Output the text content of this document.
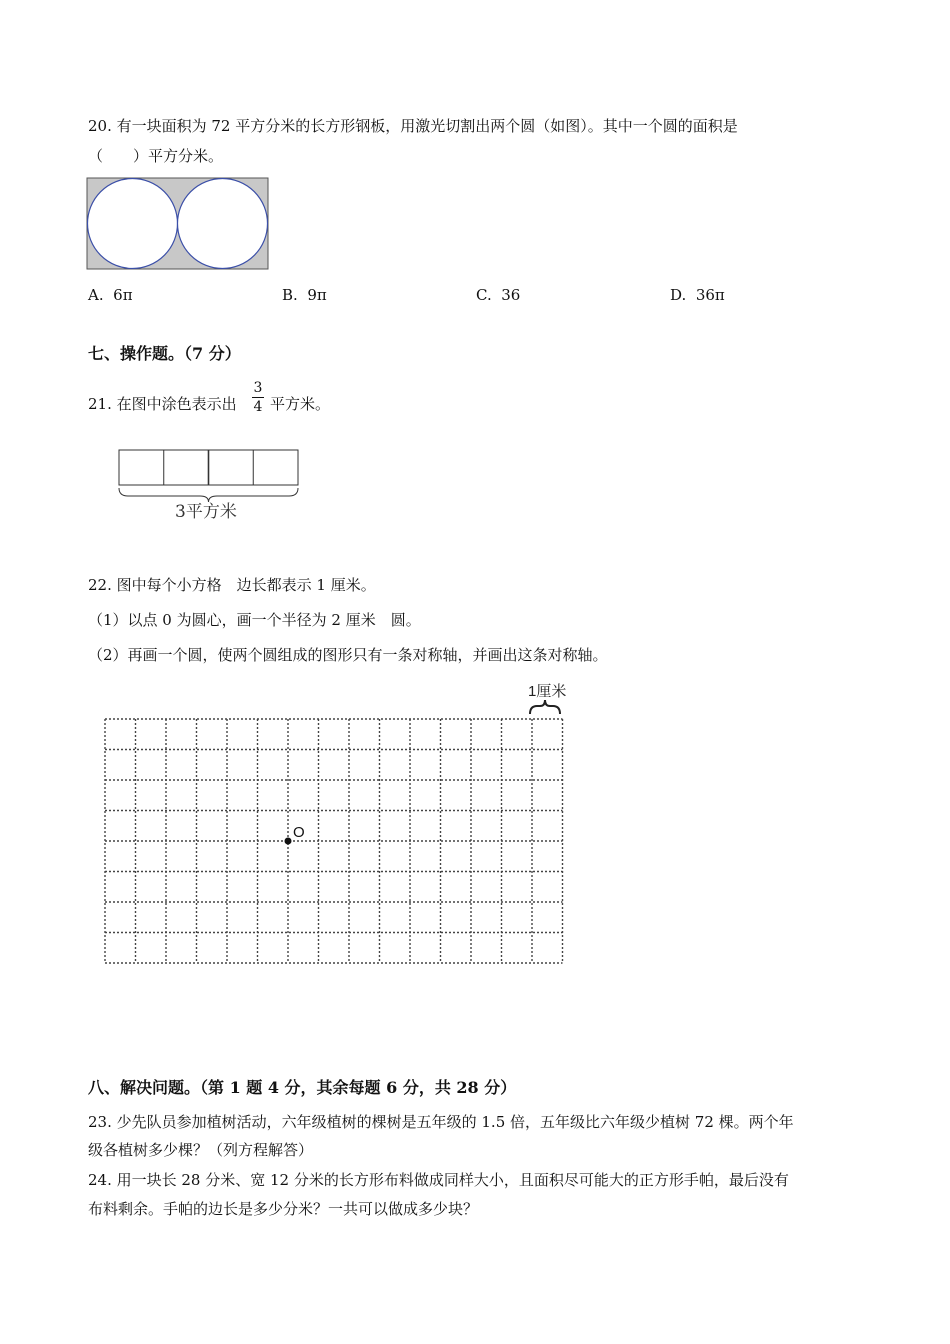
20. 有一块面积为 72 平方分米的长方形钢板，用激光切割出两个圆（如图）。其中一个圆的面积是
（　　）平方分米。
A. 6π	B. 9π	C. 36	D. 36π
七、操作题。（7 分）
21. 在图中涂色表示出
3
4 平方米。
3平方米
22. 图中每个小方格　边长都表示 1 厘米。
（1）以点 0 为圆心，画一个半径为 2 厘米　圆。
（2）再画一个圆，使两个圆组成的图形只有一条对称轴，并画出这条对称轴。
1厘米
O
八、解决问题。（第 1 题 4 分，其余每题 6 分，共 28 分）
23. 少先队员参加植树活动，六年级植树的棵树是五年级的 1.5 倍，五年级比六年级少植树 72 棵。两个年
级各植树多少棵？（列方程解答）
24. 用一块长 28 分米、宽 12 分米的长方形布料做成同样大小，且面积尽可能大的正方形手帕，最后没有
布料剩余。手帕的边长是多少分米？一共可以做成多少块？
